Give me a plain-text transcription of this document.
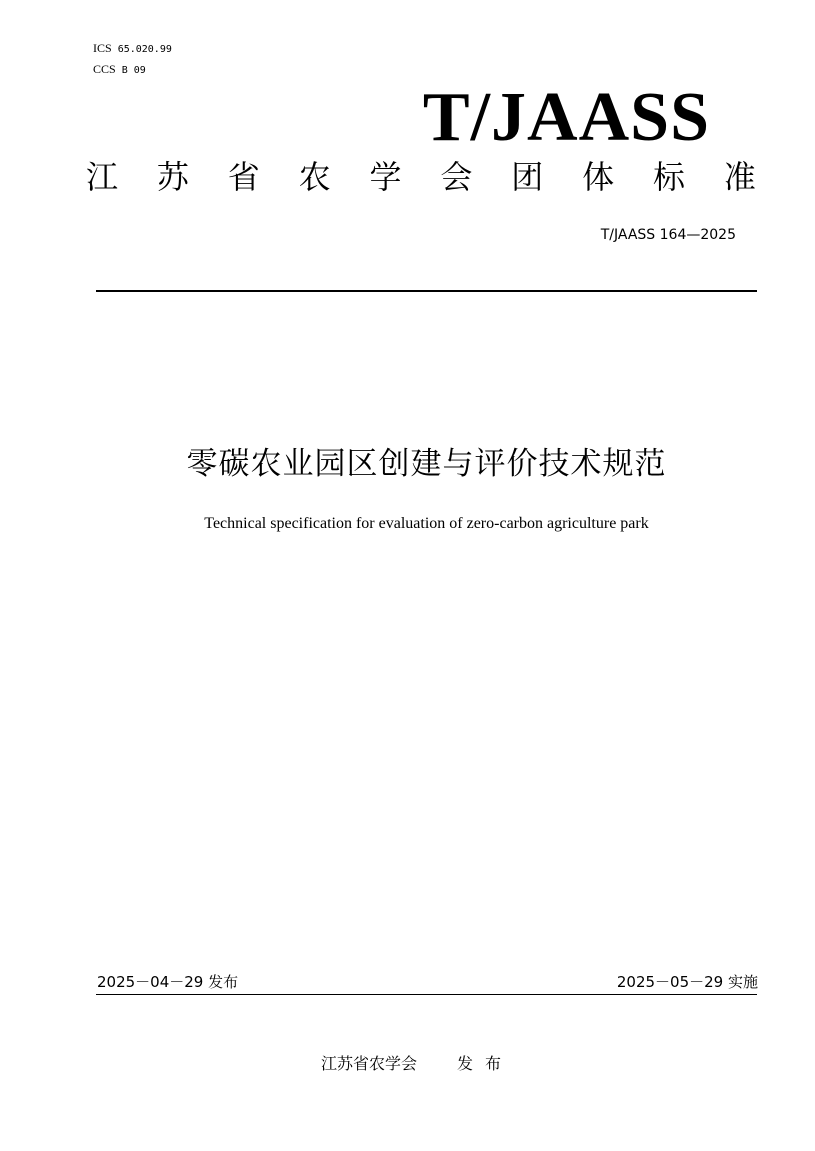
ICS 65.020.99
CCS B 09
T/JAASS
江 苏 省 农 学 会 团 体 标 准
T/JAASS 164—2025
零碳农业园区创建与评价技术规范
Technical specification for evaluation of zero-carbon agriculture park
2025－04－29 发布	2025－05－29 实施
江苏省农学会	发布
